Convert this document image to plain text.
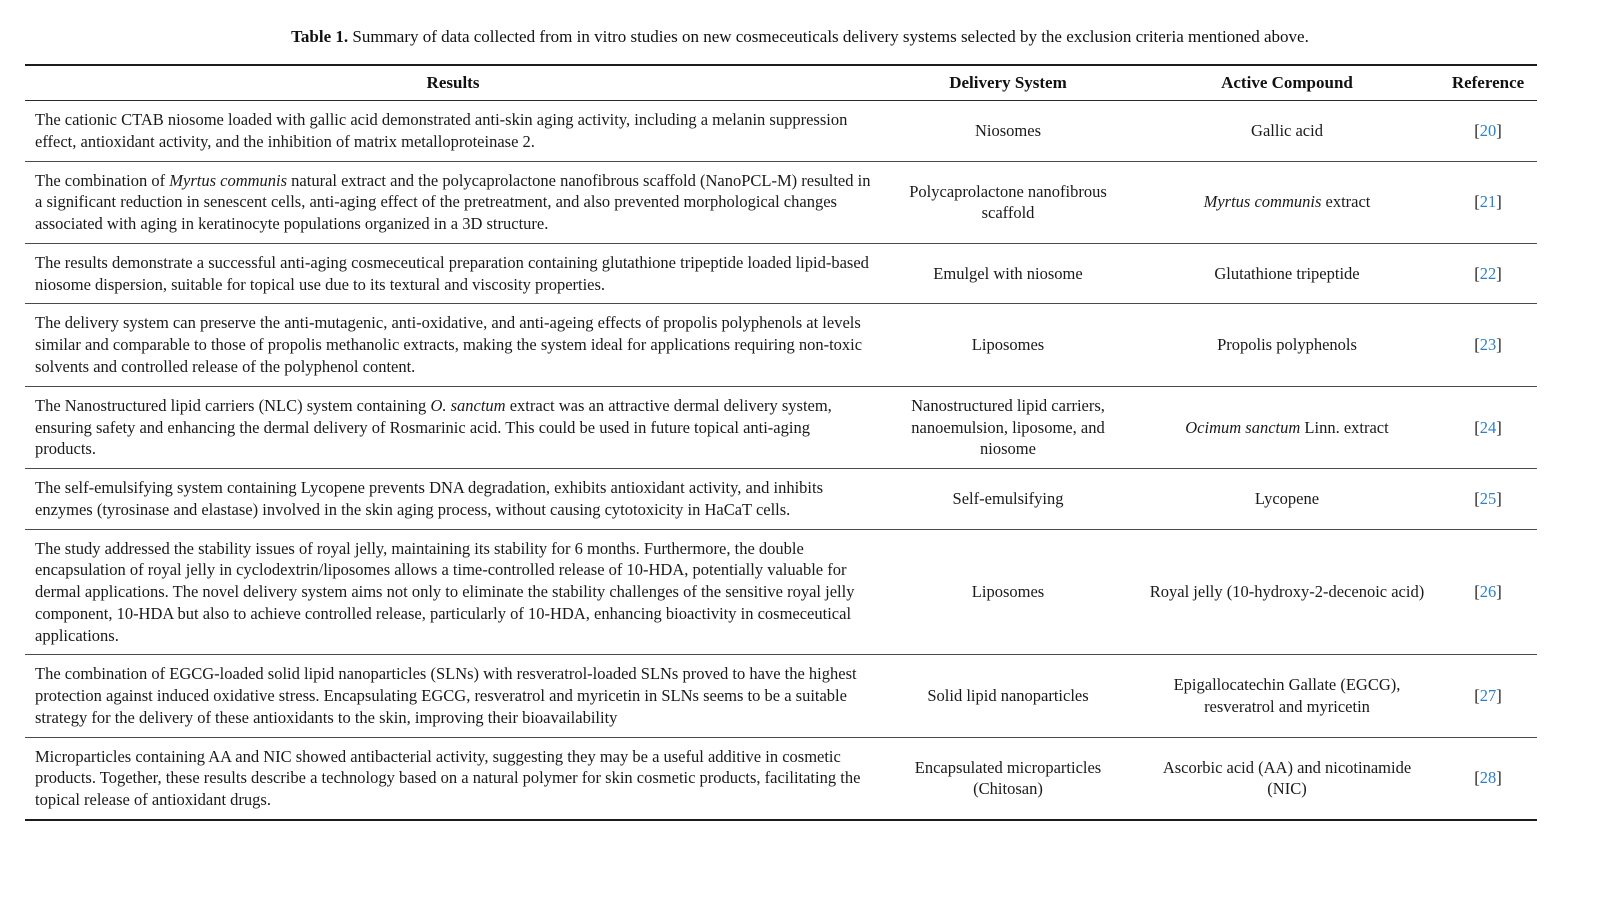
Table 1. Summary of data collected from in vitro studies on new cosmeceuticals delivery systems selected by the exclusion criteria mentioned above.
Results	Delivery System	Active Compound	Reference
The cationic CTAB niosome loaded with gallic acid demonstrated anti-skin aging activity, including a melanin suppression effect, antioxidant activity, and the inhibition of matrix metalloproteinase 2.	Niosomes	Gallic acid	[20]
The combination of Myrtus communis natural extract and the polycaprolactone nanofibrous scaffold (NanoPCL-M) resulted in a significant reduction in senescent cells, anti-aging effect of the pretreatment, and also prevented morphological changes associated with aging in keratinocyte populations organized in a 3D structure.	Polycaprolactone nanofibrous scaffold	Myrtus communis extract	[21]
The results demonstrate a successful anti-aging cosmeceutical preparation containing glutathione tripeptide loaded lipid-based niosome dispersion, suitable for topical use due to its textural and viscosity properties.	Emulgel with niosome	Glutathione tripeptide	[22]
The delivery system can preserve the anti-mutagenic, anti-oxidative, and anti-ageing effects of propolis polyphenols at levels similar and comparable to those of propolis methanolic extracts, making the system ideal for applications requiring non-toxic solvents and controlled release of the polyphenol content.	Liposomes	Propolis polyphenols	[23]
The Nanostructured lipid carriers (NLC) system containing O. sanctum extract was an attractive dermal delivery system, ensuring safety and enhancing the dermal delivery of Rosmarinic acid. This could be used in future topical anti-aging products.	Nanostructured lipid carriers, nanoemulsion, liposome, and niosome	Ocimum sanctum Linn. extract	[24]
The self-emulsifying system containing Lycopene prevents DNA degradation, exhibits antioxidant activity, and inhibits enzymes (tyrosinase and elastase) involved in the skin aging process, without causing cytotoxicity in HaCaT cells.	Self-emulsifying	Lycopene	[25]
The study addressed the stability issues of royal jelly, maintaining its stability for 6 months. Furthermore, the double encapsulation of royal jelly in cyclodextrin/liposomes allows a time-controlled release of 10-HDA, potentially valuable for dermal applications. The novel delivery system aims not only to eliminate the stability challenges of the sensitive royal jelly component, 10-HDA but also to achieve controlled release, particularly of 10-HDA, enhancing bioactivity in cosmeceutical applications.	Liposomes	Royal jelly (10-hydroxy-2-decenoic acid)	[26]
The combination of EGCG-loaded solid lipid nanoparticles (SLNs) with resveratrol-loaded SLNs proved to have the highest protection against induced oxidative stress. Encapsulating EGCG, resveratrol and myricetin in SLNs seems to be a suitable strategy for the delivery of these antioxidants to the skin, improving their bioavailability	Solid lipid nanoparticles	Epigallocatechin Gallate (EGCG), resveratrol and myricetin	[27]
Microparticles containing AA and NIC showed antibacterial activity, suggesting they may be a useful additive in cosmetic products. Together, these results describe a technology based on a natural polymer for skin cosmetic products, facilitating the topical release of antioxidant drugs.	Encapsulated microparticles (Chitosan)	Ascorbic acid (AA) and nicotinamide (NIC)	[28]
